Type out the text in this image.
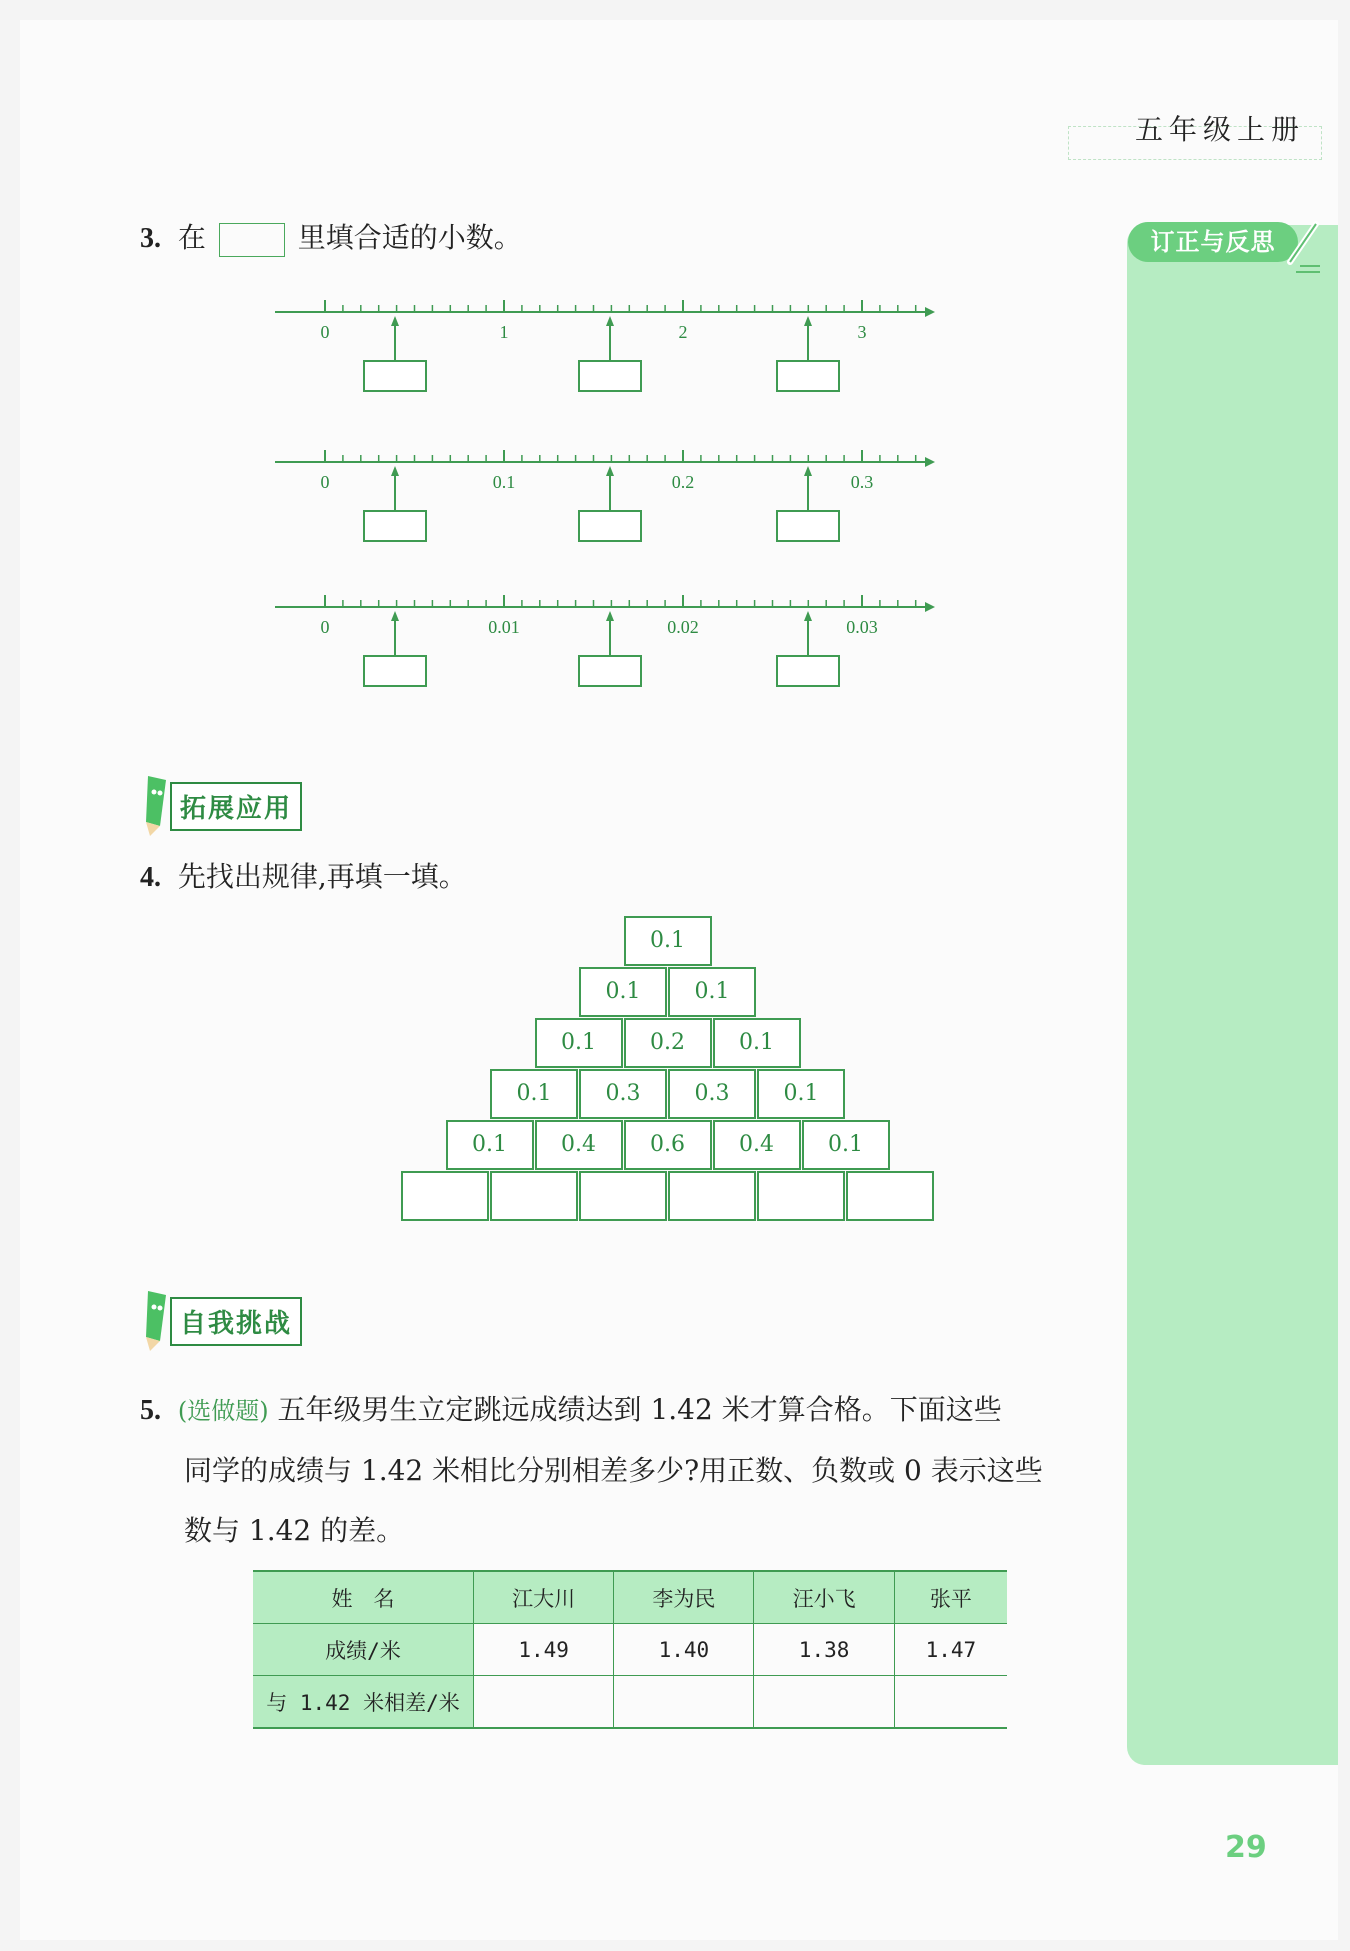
五年级上册
订正与反思
3. 在	里填合适的小数。
0	1	2	3
0	0.1	0.2	0.3
0	0.01	0.02	0.03
拓展应用
4. 先找出规律,再填一填。
0.1
0.1	0.1
0.1	0.2	0.1
0.1	0.3	0.3	0.1
0.1	0.4	0.6	0.4	0.1
自我挑战
5. (选做题) 五年级男生立定跳远成绩达到 1.42 米才算合格。下面这些
同学的成绩与 1.42 米相比分别相差多少?用正数、负数或 0 表示这些
数与 1.42 的差。
姓　名	江大川	李为民	汪小飞	张平
成绩/米	1.49	1.40	1.38	1.47
与 1.42 米相差/米				
29
